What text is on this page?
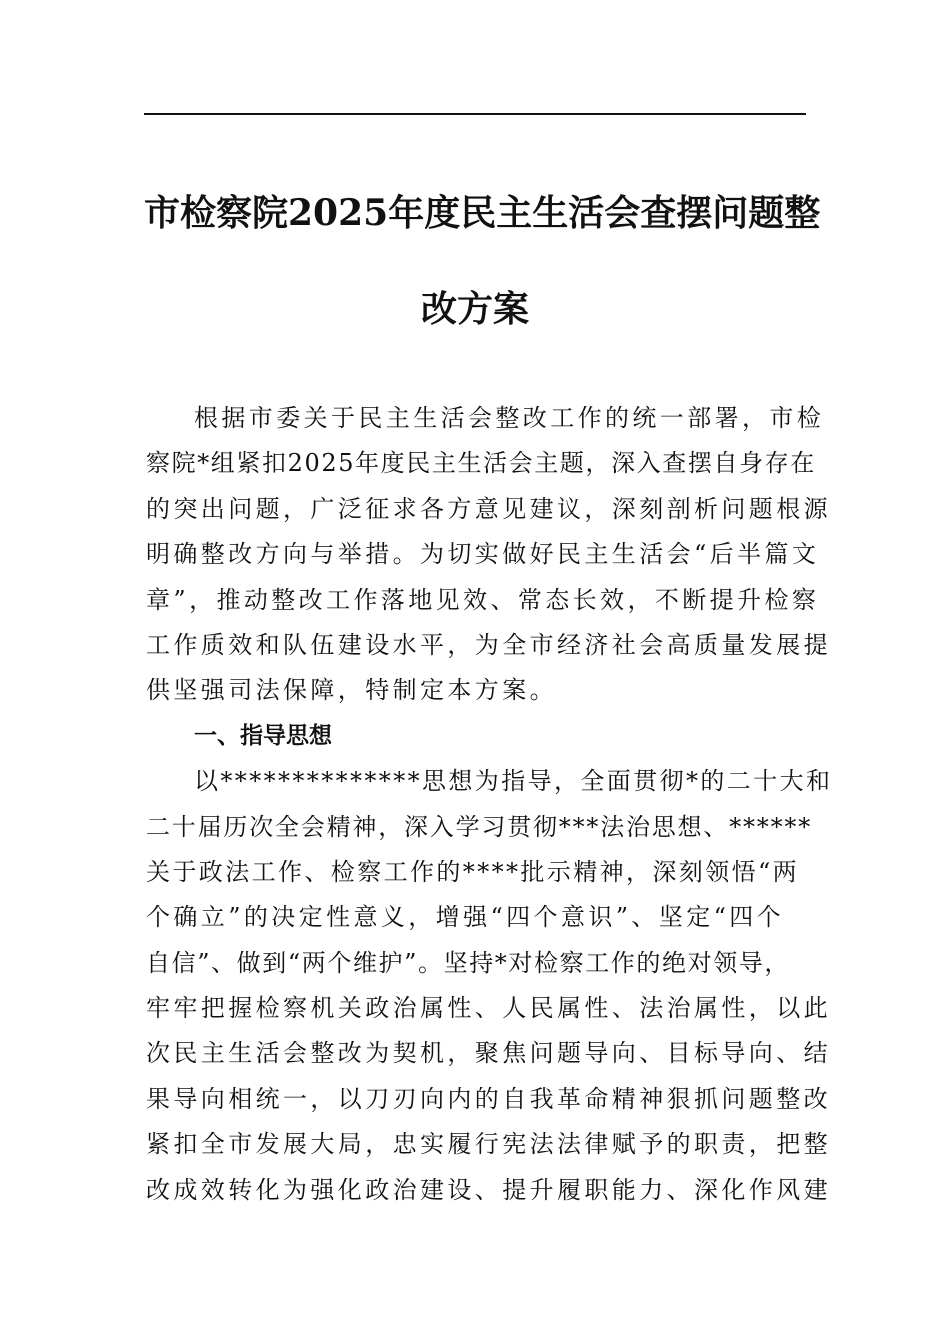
市检察院2025年度民主生活会查摆问题整
改方案
根据市委关于民主生活会整改工作的统一部署，市检
察院*组紧扣2025年度民主生活会主题，深入查摆自身存在
的突出问题，广泛征求各方意见建议，深刻剖析问题根源
明确整改方向与举措。为切实做好民主生活会“后半篇文
章”，推动整改工作落地见效、常态长效，不断提升检察
工作质效和队伍建设水平，为全市经济社会高质量发展提
供坚强司法保障，特制定本方案。
一、指导思想
以**************思想为指导，全面贯彻*的二十大和
二十届历次全会精神，深入学习贯彻***法治思想、******
关于政法工作、检察工作的****批示精神，深刻领悟“两
个确立”的决定性意义，增强“四个意识”、坚定“四个
自信”、做到“两个维护”。坚持*对检察工作的绝对领导，
牢牢把握检察机关政治属性、人民属性、法治属性，以此
次民主生活会整改为契机，聚焦问题导向、目标导向、结
果导向相统一，以刀刃向内的自我革命精神狠抓问题整改
紧扣全市发展大局，忠实履行宪法法律赋予的职责，把整
改成效转化为强化政治建设、提升履职能力、深化作风建
